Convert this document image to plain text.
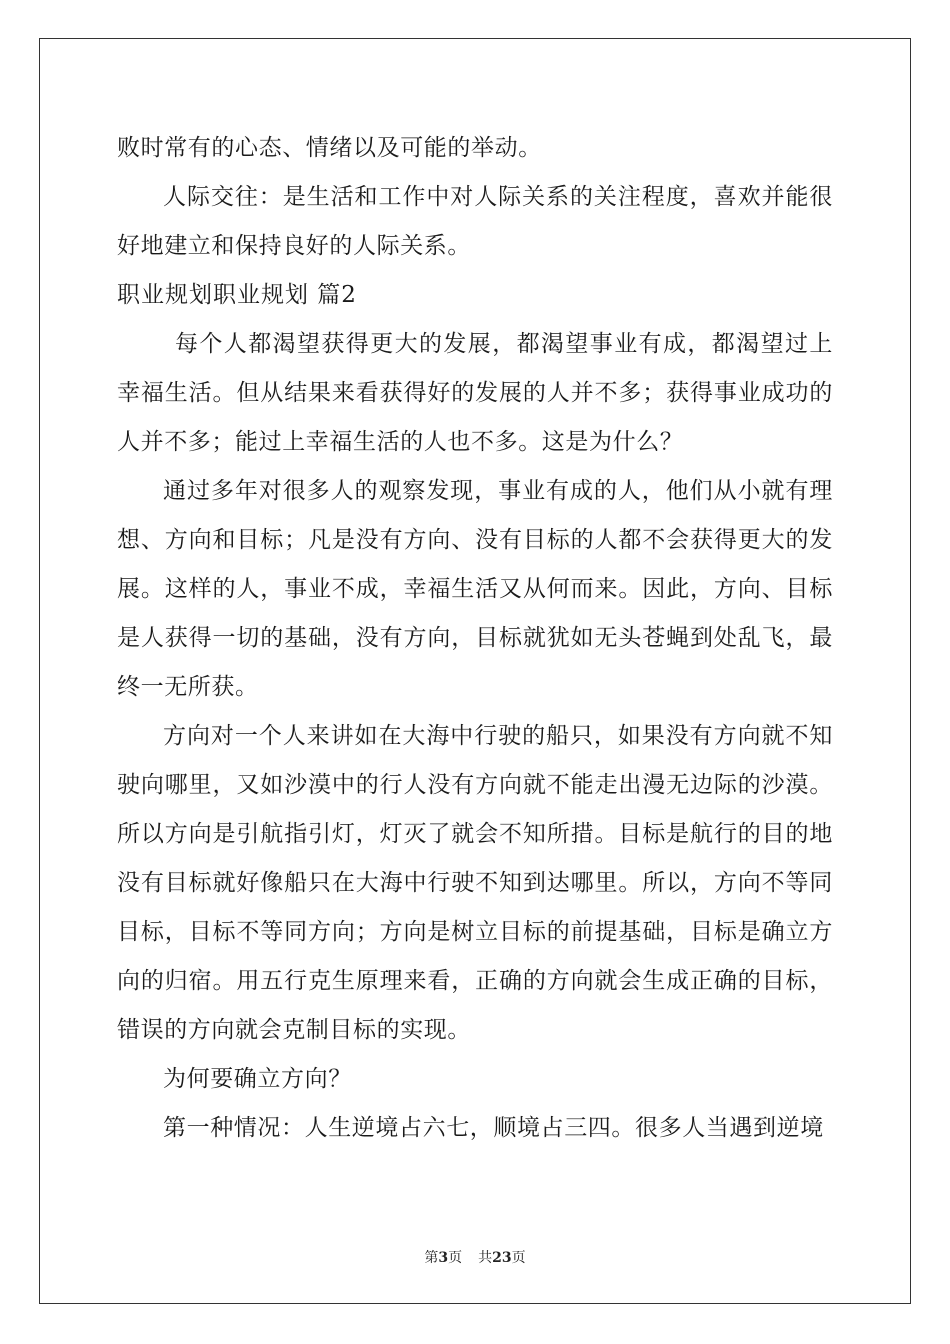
败时常有的心态、情绪以及可能的举动。

人际交往：是生活和工作中对人际关系的关注程度，喜欢并能很好地建立和保持良好的人际关系。

职业规划职业规划 篇2

每个人都渴望获得更大的发展，都渴望事业有成，都渴望过上幸福生活。但从结果来看获得好的发展的人并不多；获得事业成功的人并不多；能过上幸福生活的人也不多。这是为什么？

通过多年对很多人的观察发现，事业有成的人，他们从小就有理想、方向和目标；凡是没有方向、没有目标的人都不会获得更大的发展。这样的人，事业不成，幸福生活又从何而来。因此，方向、目标是人获得一切的基础，没有方向，目标就犹如无头苍蝇到处乱飞，最终一无所获。

方向对一个人来讲如在大海中行驶的船只，如果没有方向就不知驶向哪里，又如沙漠中的行人没有方向就不能走出漫无边际的沙漠。所以方向是引航指引灯，灯灭了就会不知所措。目标是航行的目的地没有目标就好像船只在大海中行驶不知到达哪里。所以，方向不等同目标，目标不等同方向；方向是树立目标的前提基础，目标是确立方向的归宿。用五行克生原理来看，正确的方向就会生成正确的目标，错误的方向就会克制目标的实现。

为何要确立方向？

第一种情况：人生逆境占六七，顺境占三四。很多人当遇到逆境

第3页 共23页
